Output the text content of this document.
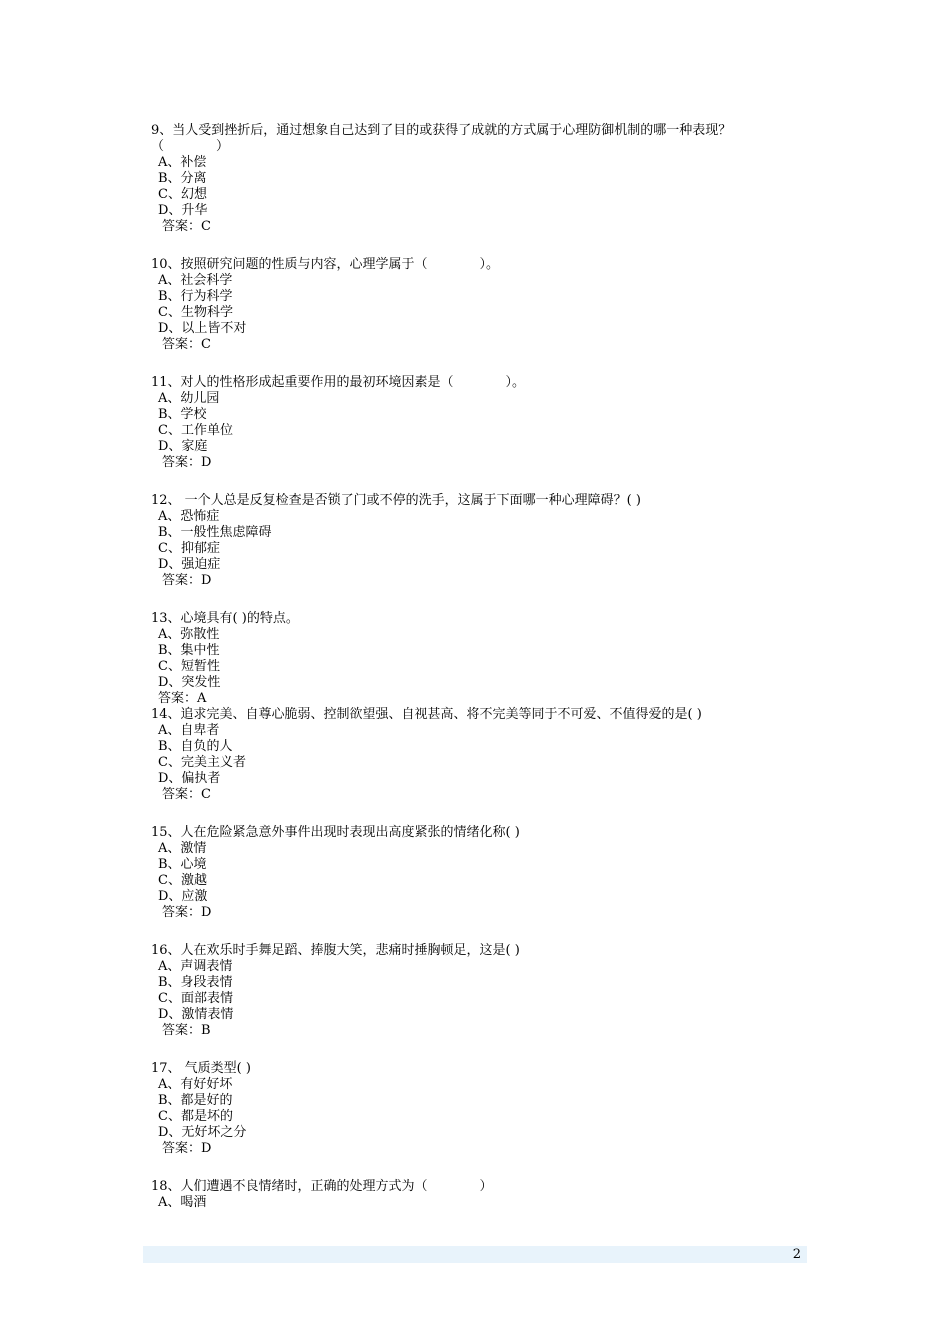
9、当人受到挫折后，通过想象自己达到了目的或获得了成就的方式属于心理防御机制的哪一种表现？

（　　　　）

A、补偿

B、分离

C、幻想

D、升华

答案：C

10、按照研究问题的性质与内容，心理学属于（　　　　）。

A、社会科学

B、行为科学

C、生物科学

D、以上皆不对

答案：C

11、对人的性格形成起重要作用的最初环境因素是（　　　　）。

A、幼儿园

B、学校

C、工作单位

D、家庭

答案：D

12、 一个人总是反复检查是否锁了门或不停的洗手，这属于下面哪一种心理障碍？( )

A、恐怖症

B、一般性焦虑障碍

C、抑郁症

D、强迫症

答案：D

13、心境具有( )的特点。

A、弥散性

B、集中性

C、短暂性

D、突发性

答案：A

14、追求完美、自尊心脆弱、控制欲望强、自视甚高、将不完美等同于不可爱、不值得爱的是( )

A、自卑者

B、自负的人

C、完美主义者

D、偏执者

答案：C

15、人在危险紧急意外事件出现时表现出高度紧张的情绪化称( )

A、激情

B、心境

C、激越

D、应激

答案：D

16、人在欢乐时手舞足蹈、捧腹大笑，悲痛时捶胸顿足，这是( )

A、声调表情

B、身段表情

C、面部表情

D、激情表情

答案：B

17、 气质类型( )

A、有好好坏

B、都是好的

C、都是坏的

D、无好坏之分

答案：D

18、人们遭遇不良情绪时，正确的处理方式为（　　　　）

A、喝酒

2
